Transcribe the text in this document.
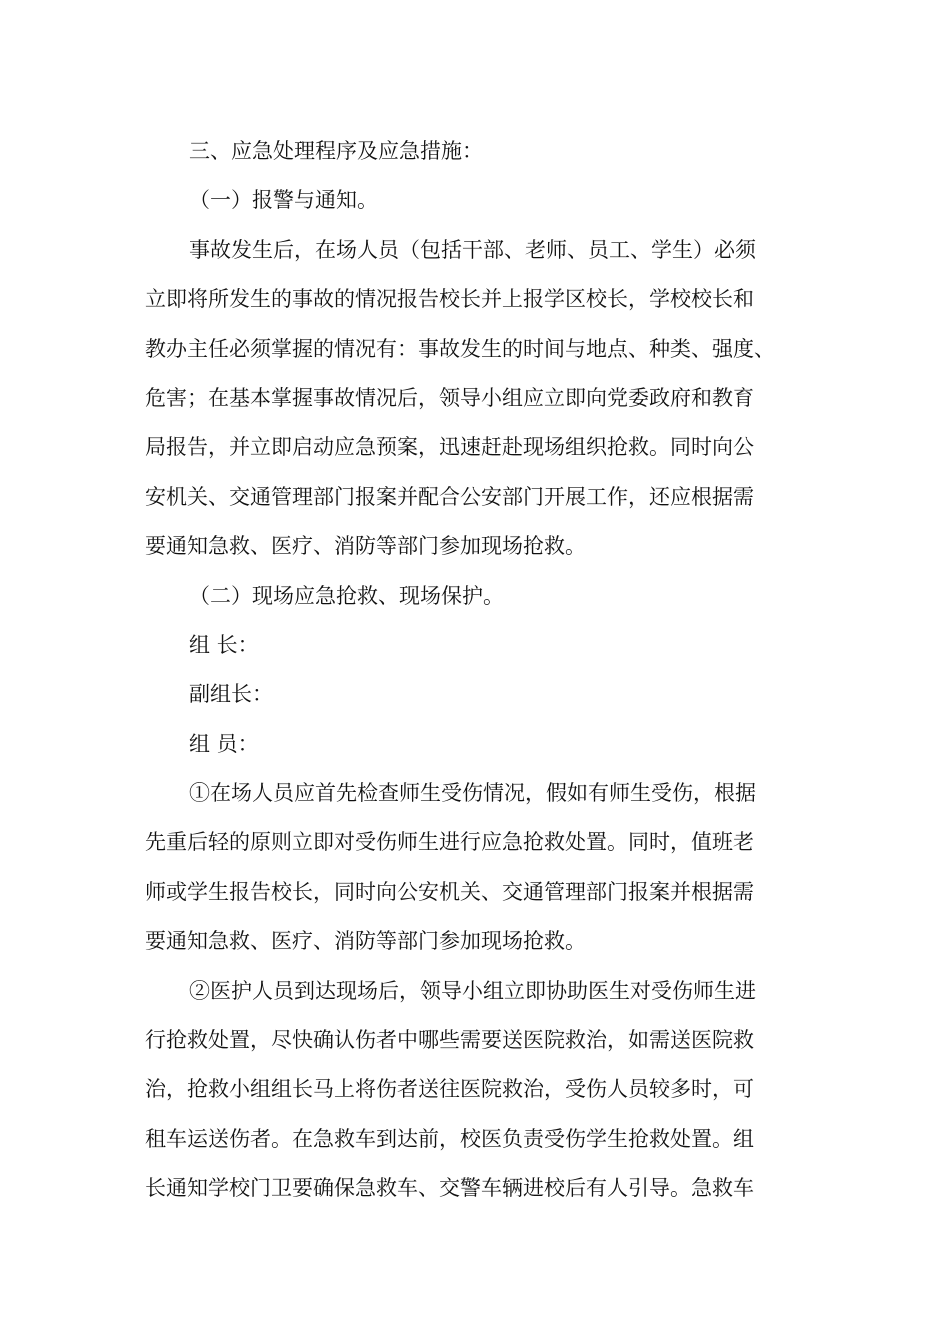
三、应急处理程序及应急措施：
（一）报警与通知。
事故发生后，在场人员（包括干部、老师、员工、学生）必须
立即将所发生的事故的情况报告校长并上报学区校长，学校校长和
教办主任必须掌握的情况有：事故发生的时间与地点、种类、强度、
危害；在基本掌握事故情况后，领导小组应立即向党委政府和教育
局报告，并立即启动应急预案，迅速赶赴现场组织抢救。同时向公
安机关、交通管理部门报案并配合公安部门开展工作，还应根据需
要通知急救、医疗、消防等部门参加现场抢救。
（二）现场应急抢救、现场保护。
组 长：
副组长：
组 员：
①在场人员应首先检查师生受伤情况，假如有师生受伤，根据
先重后轻的原则立即对受伤师生进行应急抢救处置。同时，值班老
师或学生报告校长，同时向公安机关、交通管理部门报案并根据需
要通知急救、医疗、消防等部门参加现场抢救。
②医护人员到达现场后，领导小组立即协助医生对受伤师生进
行抢救处置，尽快确认伤者中哪些需要送医院救治，如需送医院救
治，抢救小组组长马上将伤者送往医院救治，受伤人员较多时，可
租车运送伤者。在急救车到达前，校医负责受伤学生抢救处置。组
长通知学校门卫要确保急救车、交警车辆进校后有人引导。急救车
